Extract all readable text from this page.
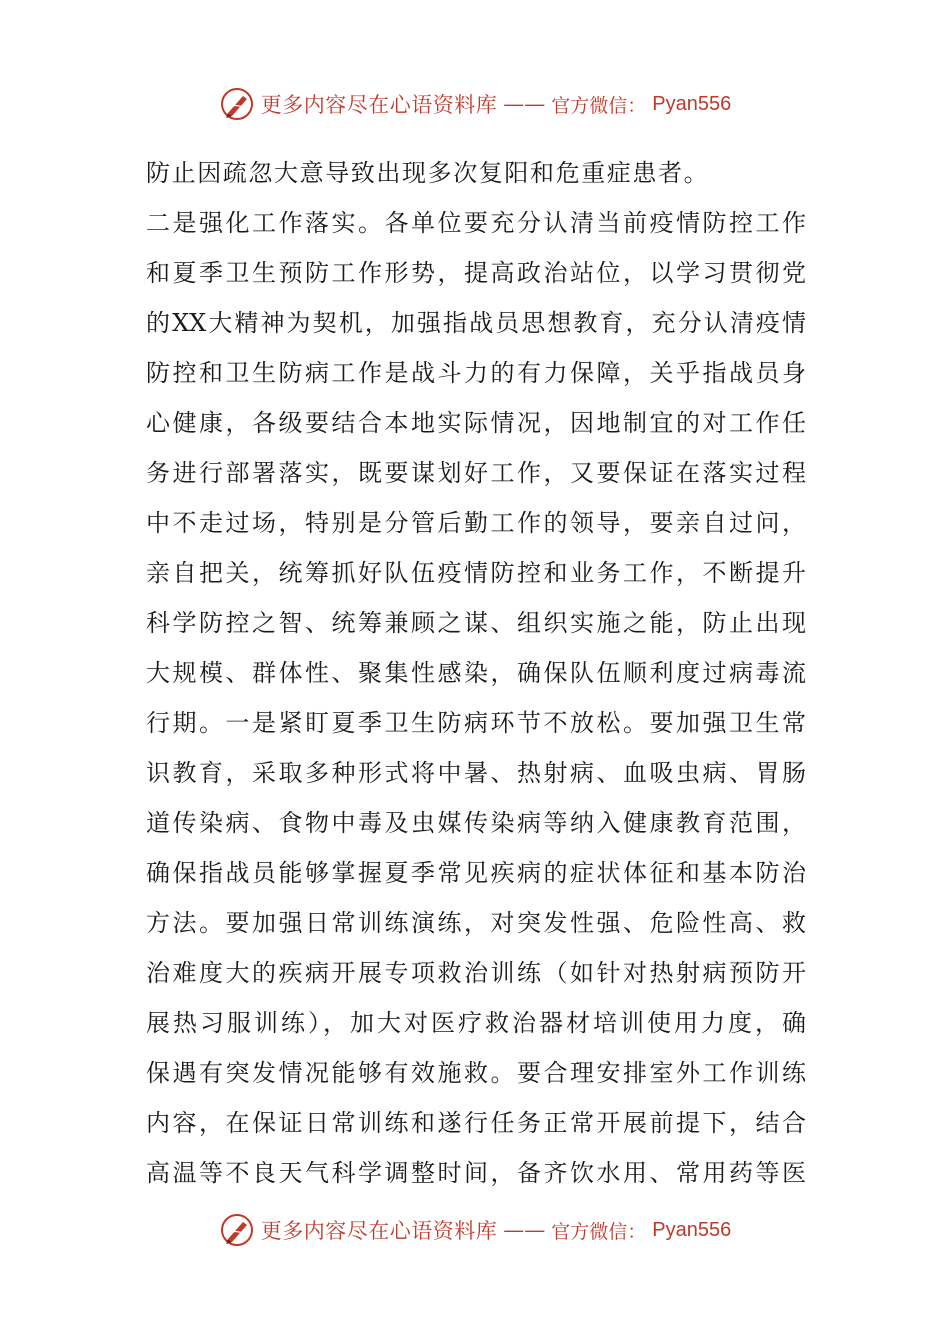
更多内容尽在心语资料库 —— 官方微信： Pyan556
防止因疏忽大意导致出现多次复阳和危重症患者。
二是强化工作落实。各单位要充分认清当前疫情防控工作
和夏季卫生预防工作形势，提高政治站位，以学习贯彻党
的XX大精神为契机，加强指战员思想教育，充分认清疫情
防控和卫生防病工作是战斗力的有力保障，关乎指战员身
心健康，各级要结合本地实际情况，因地制宜的对工作任
务进行部署落实，既要谋划好工作，又要保证在落实过程
中不走过场，特别是分管后勤工作的领导，要亲自过问，
亲自把关，统筹抓好队伍疫情防控和业务工作，不断提升
科学防控之智、统筹兼顾之谋、组织实施之能，防止出现
大规模、群体性、聚集性感染，确保队伍顺利度过病毒流
行期。一是紧盯夏季卫生防病环节不放松。要加强卫生常
识教育，采取多种形式将中暑、热射病、血吸虫病、胃肠
道传染病、食物中毒及虫媒传染病等纳入健康教育范围，
确保指战员能够掌握夏季常见疾病的症状体征和基本防治
方法。要加强日常训练演练，对突发性强、危险性高、救
治难度大的疾病开展专项救治训练（如针对热射病预防开
展热习服训练），加大对医疗救治器材培训使用力度，确
保遇有突发情况能够有效施救。要合理安排室外工作训练
内容，在保证日常训练和遂行任务正常开展前提下，结合
高温等不良天气科学调整时间，备齐饮水用、常用药等医
更多内容尽在心语资料库 —— 官方微信： Pyan556
